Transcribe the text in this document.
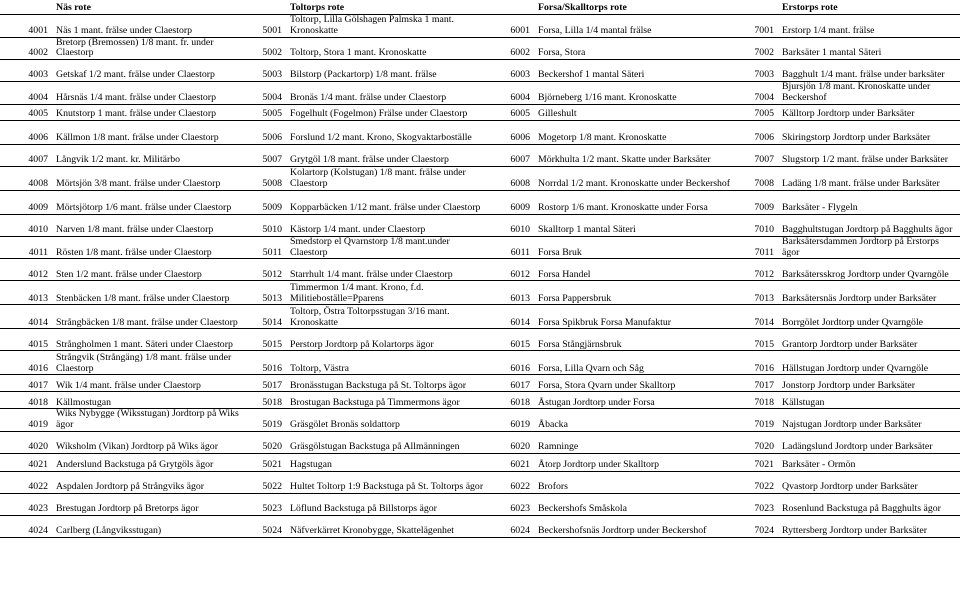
	Näs rote		Toltorps rote		Forsa/Skalltorps rote		Erstorps rote
4001	Näs 1 mant. frälse under Claestorp	5001	Toltorp, Lilla Gölshagen Palmska 1 mant. Kronoskatte	6001	Forsa, Lilla 1/4 mantal frälse	7001	Erstorp 1/4 mant. frälse
4002	Bretorp (Bremossen) 1/8 mant. fr. under Claestorp	5002	Toltorp, Stora 1 mant. Kronoskatte	6002	Forsa, Stora	7002	Barksäter 1 mantal Säteri
4003	Getskaf 1/2 mant. frälse under Claestorp	5003	Bilstorp (Packartorp) 1/8 mant. frälse	6003	Beckershof 1 mantal Säteri	7003	Bagghult 1/4 mant. frälse under barksäter
4004	Hårsnäs 1/4 mant. frälse under Claestorp	5004	Bronäs 1/4 mant. frälse under Claestorp	6004	Björneberg 1/16 mant. Kronoskatte	7004	Bjursjön 1/8 mant. Kronoskatte under Beckershof
4005	Knutstorp 1 mant. frälse under Claestorp	5005	Fogelhult (Fogelmon) Frälse under Claestorp	6005	Gilleshult	7005	Källtorp Jordtorp under Barksäter
4006	Källmon 1/8 mant. frälse under Claestorp	5006	Forslund 1/2 mant. Krono, Skogvaktarboställe	6006	Mogetorp 1/8 mant. Kronoskatte	7006	Skiringstorp Jordtorp under Barksäter
4007	Långvik 1/2 mant. kr. Militärbo	5007	Grytgöl 1/8 mant. frälse under Claestorp	6007	Mörkhulta 1/2 mant. Skatte under Barksäter	7007	Slugstorp 1/2 mant. frälse under Barksäter
4008	Mörtsjön 3/8 mant. frälse under Claestorp	5008	Kolartorp (Kolstugan) 1/8 mant. frälse under Claestorp	6008	Norrdal 1/2 mant. Kronoskatte under Beckershof	7008	Ladäng 1/8 mant. frälse under Barksäter
4009	Mörtsjötorp 1/6 mant. frälse under Claestorp	5009	Kopparbäcken 1/12 mant. frälse under Claestorp	6009	Rostorp 1/6 mant. Kronoskatte under Forsa	7009	Barksäter - Flygeln
4010	Narven 1/8 mant. frälse under Claestorp	5010	Kästorp 1/4 mant. under Claestorp	6010	Skalltorp 1 mantal Säteri	7010	Bagghultstugan Jordtorp på Bagghults ägor
4011	Rösten 1/8 mant. frälse under Claestorp	5011	Smedstorp el Qvarnstorp 1/8 mant.under Claestorp	6011	Forsa Bruk	7011	Barksätersdammen Jordtorp på Erstorps ägor
4012	Sten 1/2 mant. frälse under Claestorp	5012	Starrhult 1/4 mant. frälse under Claestorp	6012	Forsa Handel	7012	Barksätersskrog Jordtorp under Qvarngöle
4013	Stenbäcken 1/8 mant. frälse under Claestorp	5013	Timmermon 1/4 mant. Krono, f.d. Militieboställe=Pparens	6013	Forsa Pappersbruk	7013	Barksätersnäs Jordtorp under Barksäter
4014	Strångbäcken 1/8 mant. frälse under Claestorp	5014	Toltorp, Östra Toltorpsstugan 3/16 mant. Kronoskatte	6014	Forsa Spikbruk Forsa Manufaktur	7014	Borrgölet Jordtorp under Qvarngöle
4015	Strångholmen 1 mant. Säteri under Claestorp	5015	Perstorp Jordtorp på Kolartorps ägor	6015	Forsa Stångjärnsbruk	7015	Grantorp Jordtorp under Barksäter
4016	Strångvik (Strångäng) 1/8 mant. frälse under Claestorp	5016	Toltorp, Västra	6016	Forsa, Lilla Qvarn och Såg	7016	Hällstugan Jordtorp under Qvarngöle
4017	Wik 1/4 mant. frälse under Claestorp	5017	Bronässtugan Backstuga på St. Toltorps ägor	6017	Forsa, Stora Qvarn under Skalltorp	7017	Jonstorp Jordtorp under Barksäter
4018	Källmostugan	5018	Brostugan Backstuga på Timmermons ägor	6018	Åstugan Jordtorp under Forsa	7018	Källstugan
4019	Wiks Nybygge (Wiksstugan) Jordtorp på Wiks ägor	5019	Gräsgölet Bronäs soldattorp	6019	Åbacka	7019	Najstugan Jordtorp under Barksäter
4020	Wiksholm (Vikan) Jordtorp på Wiks ägor	5020	Gräsgölstugan Backstuga på Allmänningen	6020	Ramninge	7020	Ladängslund Jordtorp under Barksäter
4021	Anderslund Backstuga på Grytgöls ägor	5021	Hagstugan	6021	Åtorp Jordtorp under Skalltorp	7021	Barksäter - Ormön
4022	Aspdalen Jordtorp på Strångviks ägor	5022	Hultet Toltorp 1:9 Backstuga på St. Toltorps ägor	6022	Brofors	7022	Qvastorp Jordtorp under Barksäter
4023	Brestugan Jordtorp på Bretorps ägor	5023	Löflund Backstuga på Billstorps ägor	6023	Beckershofs Småskola	7023	Rosenlund Backstuga på Bagghults ägor
4024	Carlberg (Långviksstugan)	5024	Näfverkärret Kronobygge, Skattelägenhet	6024	Beckershofsnäs Jordtorp under Beckershof	7024	Ryttersberg Jordtorp under Barksäter
